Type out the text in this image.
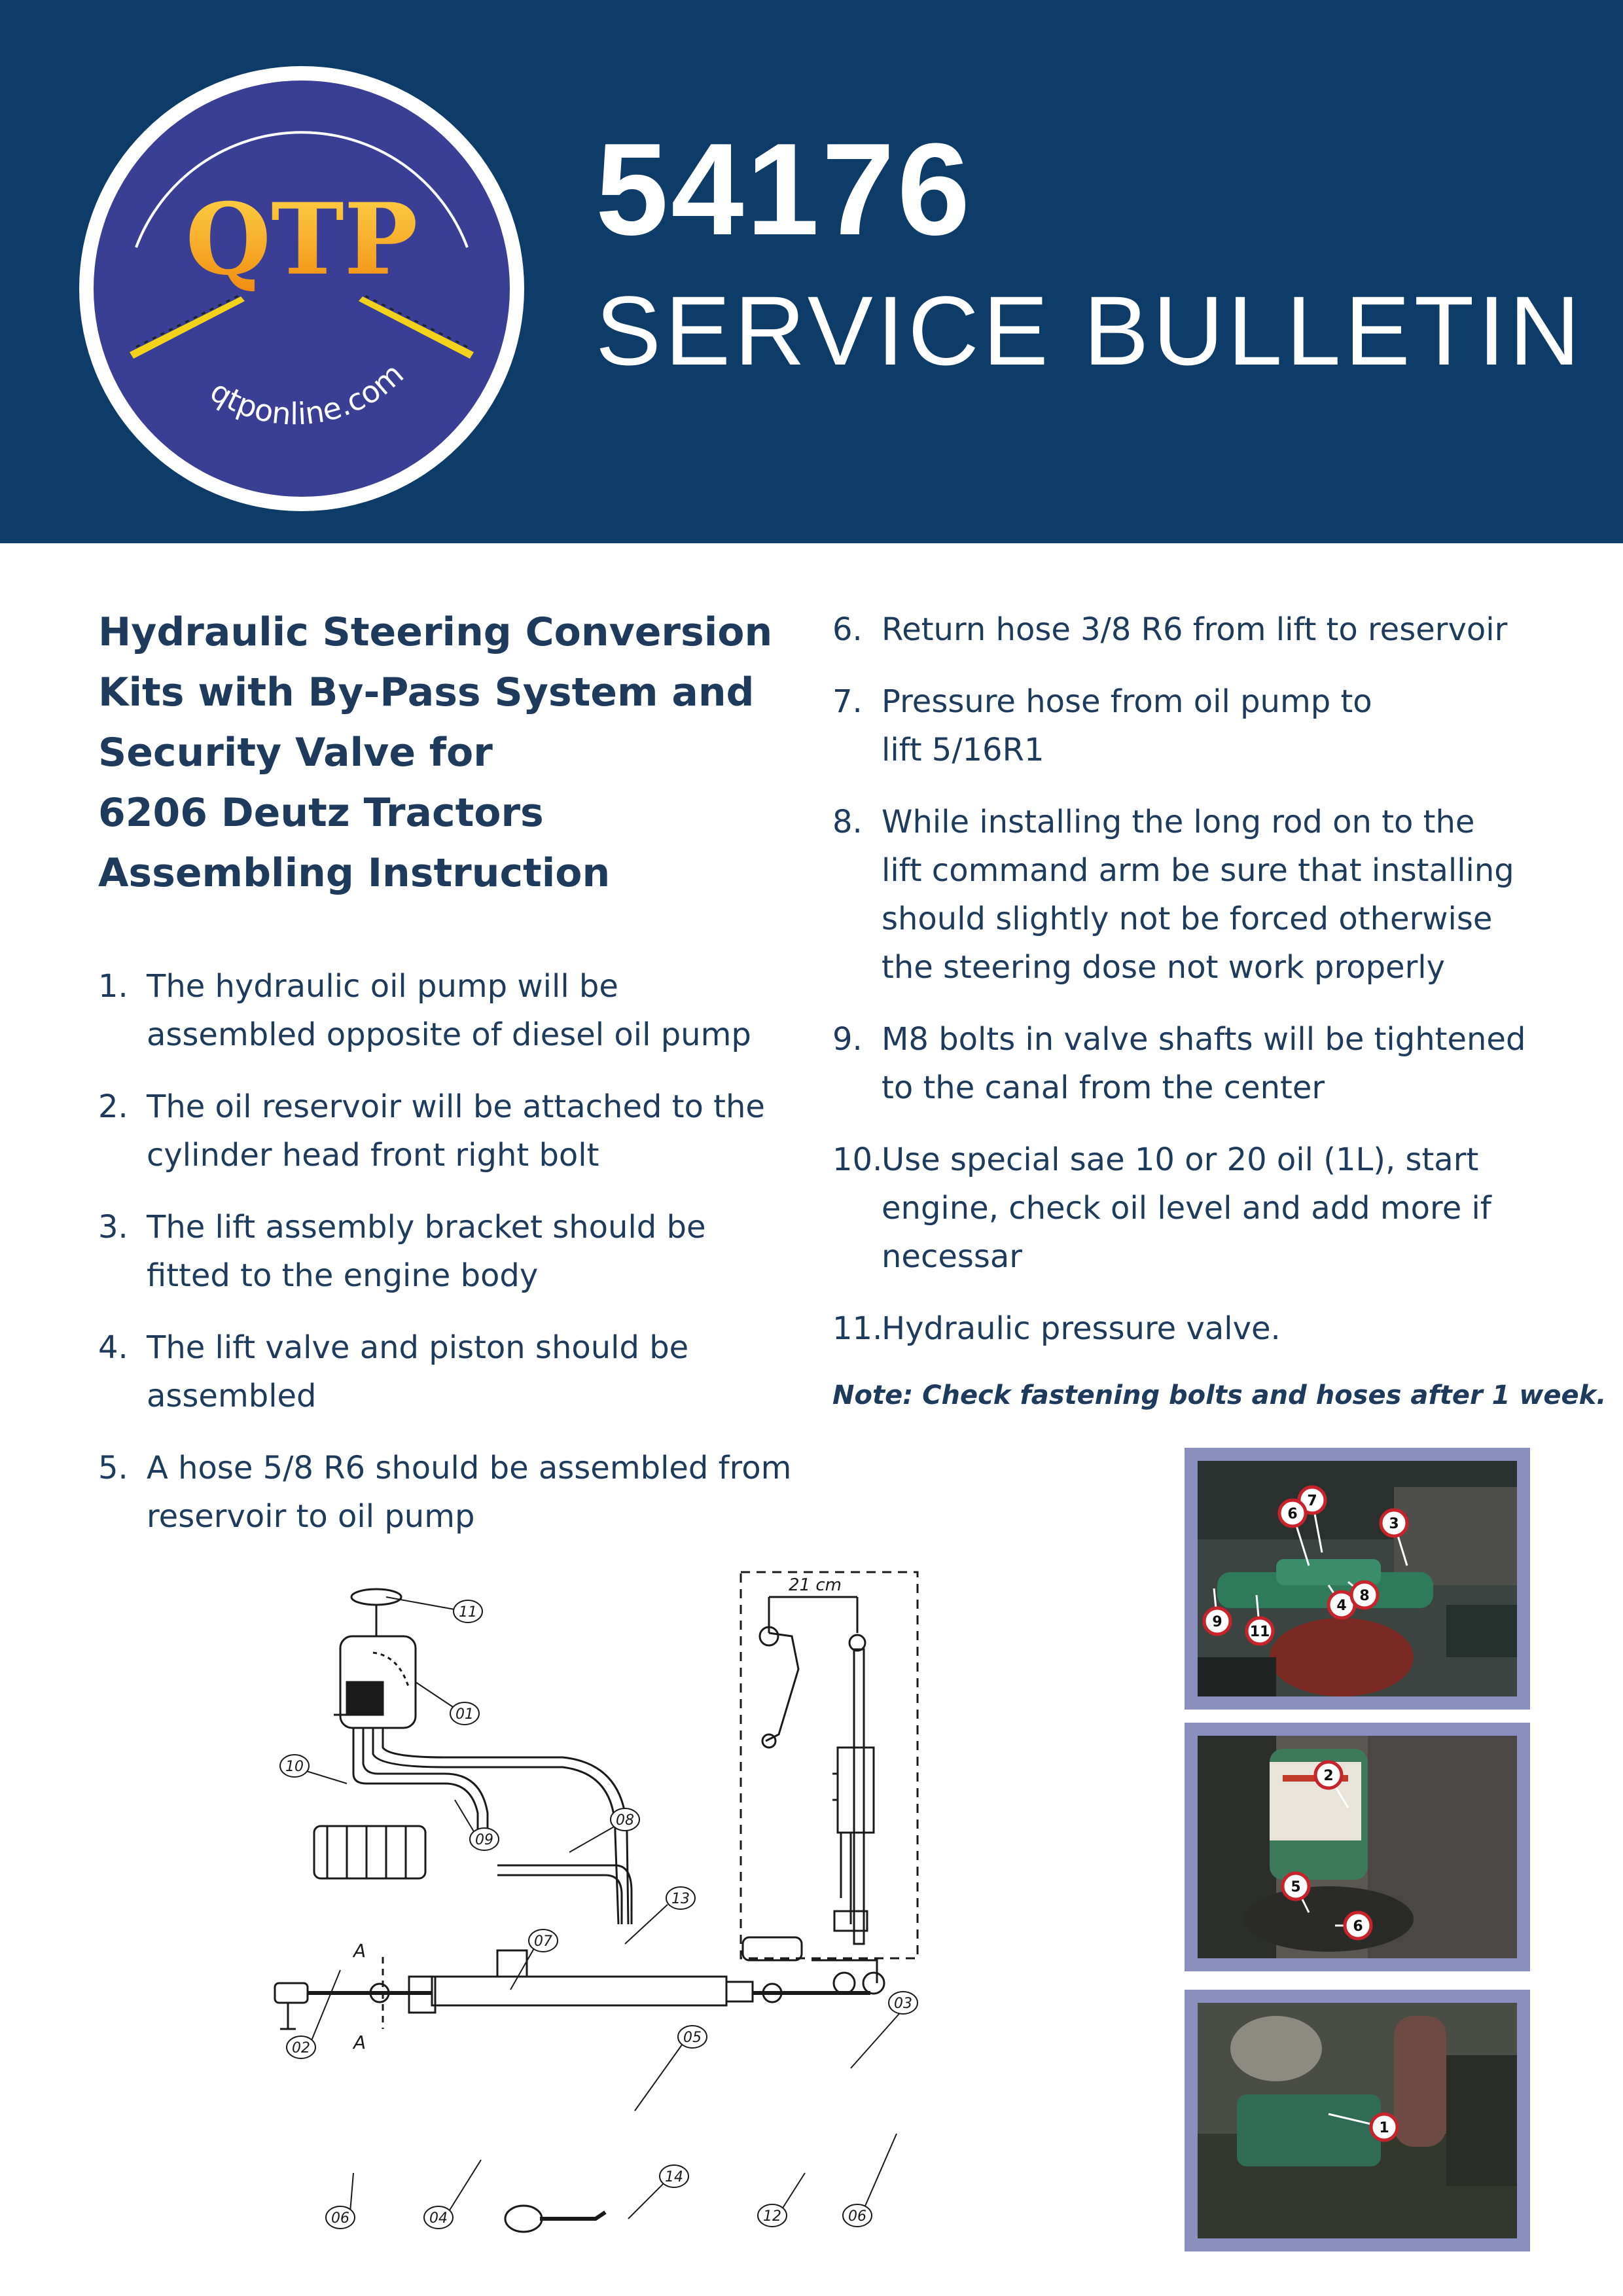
QTP
qtponline.com
54176
SERVICE BULLETIN
Hydraulic Steering Conversion
Kits with By-Pass System and
Security Valve for
6206 Deutz Tractors
Assembling Instruction
1. The hydraulic oil pump will be
assembled opposite of diesel oil pump
2. The oil reservoir will be attached to the
cylinder head front right bolt
3. The lift assembly bracket should be
fitted to the engine body
4. The lift valve and piston should be
assembled
5. A hose 5/8 R6 should be assembled from
reservoir to oil pump
6. Return hose 3/8 R6 from lift to reservoir
7. Pressure hose from oil pump to
lift 5/16R1
8. While installing the long rod on to the
lift command arm be sure that installing
should slightly not be forced otherwise
the steering dose not work properly
9. M8 bolts in valve shafts will be tightened
to the canal from the center
10.
Use special sae 10 or 20 oil (1L), start
engine, check oil level and add more if
necessar
11.
Hydraulic pressure valve.
Note: Check fastening bolts and hoses after 1 week.
21 cm
A
A
11
01
10
09
08
13
07
02
05
03
06	04
14
12	06
7
6
3
4
8
9
11
2
5
6
1
